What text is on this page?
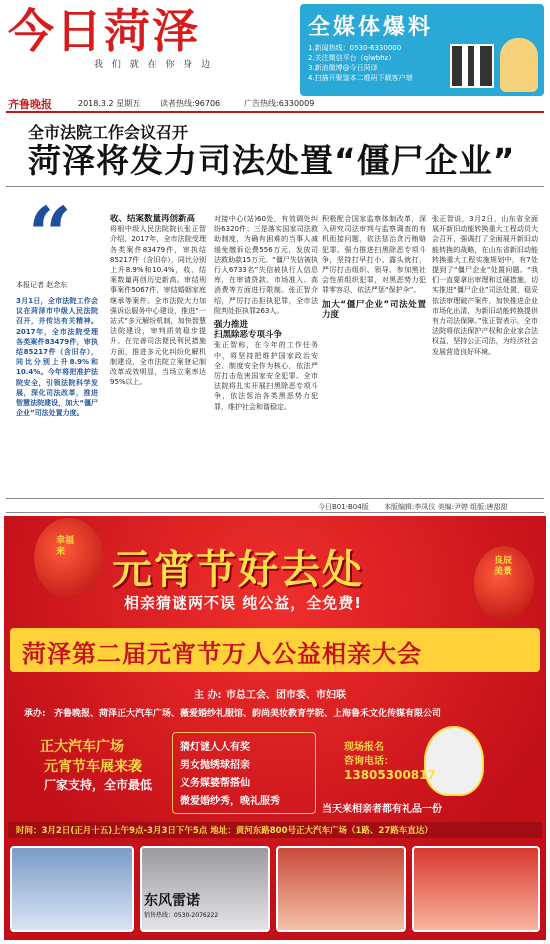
今日菏泽
我 们 就 在 你 身 边
齐鲁晚报	2018.3.2 星期五 读者热线:96706	广告热线:6330009
全媒体爆料
1.新闻热线：0530-6330000
2.关注微信平台（qlwbhz）
3.新浪微博@今日菏泽
4.扫描开聚鉴本二维码下载客户端
全市法院工作会议召开
菏泽将发力司法处置“僵尸企业”
“
本报记者 赵念东
3月1日，全市法院工作会议在菏泽市中级人民法院召开，并传达有关精神。2017年，全市法院受理各类案件83479件，审执结85217件（含旧存），同比分别上升8.9%和10.4%。今年将把准护法院安全，引领法院科学发展，深化司法改革，推进智慧法院建设，加大“僵尸企业”司法处置力度。
收、结案数量再创新高
将根中级人民法院院长张正智介绍，2017年，全市法院受理各类案件83479件，审执结85217件（含旧存），同比分别上升8.9%和10.4%，收、结案数量再创历史新高。审结刑事案件5067件，审结婚姻家庭继承等案件。全市法院大力加强诉讼服务中心建设，推进“一站式”多元解纷机制，加快智慧法院建设，审判质效稳步提升。在完善司法便民利民措施方面，推进多元化纠纷化解机制建设，全市法院立案登记制改革成效明显，当场立案率达95%以上。
对接中心(站)60处，有效调处纠纷6320件；三是落实国家司法救助制度，为确有困难的当事人减缓免缴诉讼费556万元，发放司法救助款15万元。“僵尸失信被执行人6733名”失信被执行人信息库，在审请贷款、市场准入、高消费等方面进行限制。张正智介绍，严厉打击拒执犯罪，全市法院判处拒执罪263人。
强力推进
扫黑除恶专项斗争
张正智称，在今年的工作任务中，将坚持把维护国家政治安全、制度安全作为核心，依法严厉打击危害国家安全犯罪。全市法院将扎实开展扫黑除恶专项斗争，依法惩治各类黑恶势力犯罪，维护社会和谐稳定。
积极配合国家监察体制改革，深入研究司法审判与监察调查的有机衔接问题，依法惩治贪污贿赂犯罪。强力推进扫黑除恶专项斗争，坚持打早打小、露头就打，严厉打击组织、领导、参加黑社会性质组织犯罪，对黑恶势力犯罪零容忍，依法严惩“保护伞”。
加大“僵尸企业”司法处置力度
张正智说，3月2日，山东省全面展开新旧动能转换重大工程动员大会召开，强调打了全面展开新旧动能转换的战略，在山东省新旧动能转换重大工程实施规划中，有7处提到了“僵尸企业”处置问题。“我们一直要拿出审理和过硬措施，切实推进“僵尸企业”司法处置，稳妥依法审理破产案件，加快推进企业市场化出清，为新旧动能转换提供有力司法保障。”张正智表示，全市法院将依法保护产权和企业家合法权益，坚持公正司法，为经济社会发展营造良好环境。
今日B01-B04版 本版编辑:李凤仪 美编:尹婷 组版:唐甜甜
幸福来
良辰美景
元宵节好去处
相亲猜谜两不误 纯公益，全免费!
菏泽第二届元宵节万人公益相亲大会
主 办: 市总工会、团市委、市妇联
承办: 齐鲁晚报、菏泽正大汽车广场、薇爱婚纱礼服馆、韵尚美妆教育学院、上海鲁禾文化传媒有限公司
正大汽车广场
元宵节车展来袭
厂家支持，全市最低
猜灯谜人人有奖
男女抛绣球招亲
义务媒婆帮搭仙
微爱婚纱秀，晚礼服秀
现场报名
咨询电话：
13805300817
当天来相亲者都有礼品一份
时间：3月2日(正月十五)上午9点-3月3日下午5点 地址：黄河东路800号正大汽车广场（1路、27路车直达）
东风雷诺
销售热线：0530-2076222
